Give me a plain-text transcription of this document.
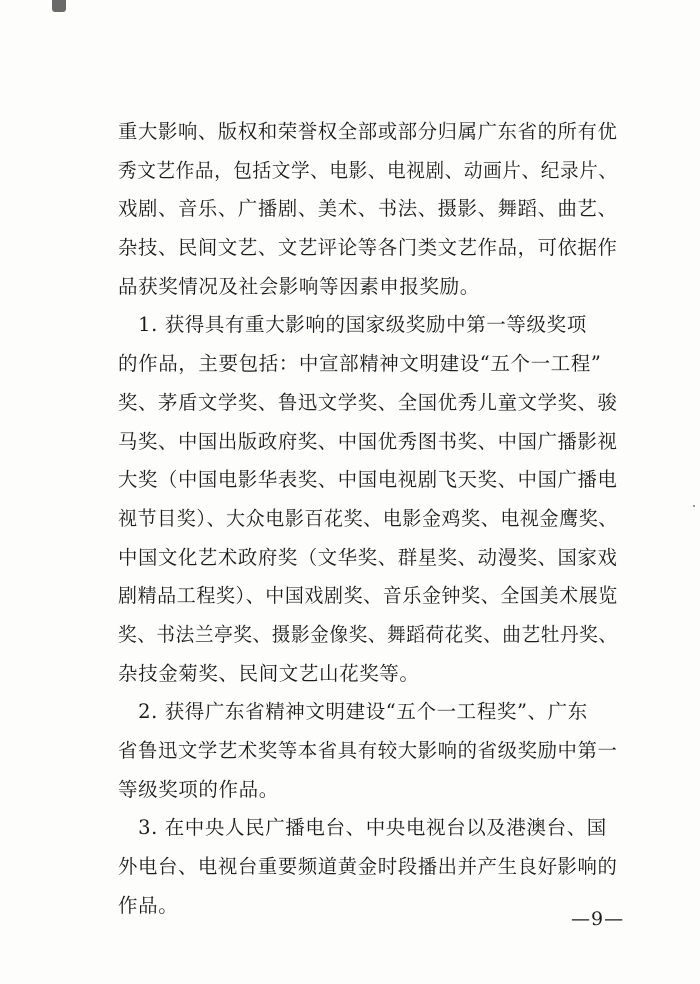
重大影响、版权和荣誉权全部或部分归属广东省的所有优
秀文艺作品，包括文学、电影、电视剧、动画片、纪录片、
戏剧、音乐、广播剧、美术、书法、摄影、舞蹈、曲艺、
杂技、民间文艺、文艺评论等各门类文艺作品，可依据作
品获奖情况及社会影响等因素申报奖励。
　1. 获得具有重大影响的国家级奖励中第一等级奖项
的作品，主要包括：中宣部精神文明建设“五个一工程”
奖、茅盾文学奖、鲁迅文学奖、全国优秀儿童文学奖、骏
马奖、中国出版政府奖、中国优秀图书奖、中国广播影视
大奖（中国电影华表奖、中国电视剧飞天奖、中国广播电
视节目奖）、大众电影百花奖、电影金鸡奖、电视金鹰奖、
中国文化艺术政府奖（文华奖、群星奖、动漫奖、国家戏
剧精品工程奖）、中国戏剧奖、音乐金钟奖、全国美术展览
奖、书法兰亭奖、摄影金像奖、舞蹈荷花奖、曲艺牡丹奖、
杂技金菊奖、民间文艺山花奖等。
　2. 获得广东省精神文明建设“五个一工程奖”、广东
省鲁迅文学艺术奖等本省具有较大影响的省级奖励中第一
等级奖项的作品。
　3. 在中央人民广播电台、中央电视台以及港澳台、国
外电台、电视台重要频道黄金时段播出并产生良好影响的
作品。
—9—
